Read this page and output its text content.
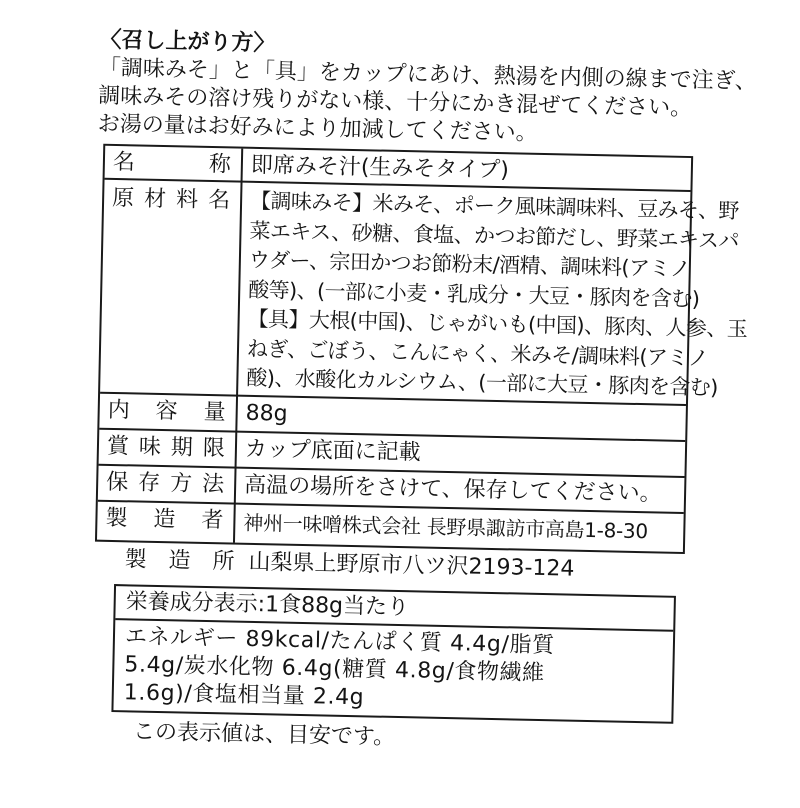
〈召し上がり方〉
「調味みそ」と「具」をカップにあけ、熱湯を内側の線まで注ぎ、
調味みその溶け残りがない様、十分にかき混ぜてください。
お湯の量はお好みにより加減してください。
名	称 即席みそ汁(生みそタイプ)
原 材 料 名 【調味みそ】米みそ、ポーク風味調味料、豆みそ、野
菜エキス、砂糖、食塩、かつお節だし、野菜エキスパ
ウダー、宗田かつお節粉末/酒精、調味料(アミノ
酸等)、(一部に小麦・乳成分・大豆・豚肉を含む)
【具】大根(中国)、じゃがいも(中国)、豚肉、人参、玉
ねぎ、ごぼう、こんにゃく、米みそ/調味料(アミノ
酸)、水酸化カルシウム、(一部に大豆・豚肉を含む)
内 容 量 88g
賞 味 期 限 カップ底面に記載
保 存 方 法 高温の場所をさけて、保存してください。
製 造 者 神州一味噌株式会社 長野県諏訪市高島1-8-30
製 造 所 山梨県上野原市八ツ沢2193-124
栄養成分表示:1食88g当たり
エネルギー 89kcal/たんぱく質 4.4g/脂質
5.4g/炭水化物 6.4g(糖質 4.8g/食物繊維
1.6g)/食塩相当量 2.4g
この表示値は、目安です。
